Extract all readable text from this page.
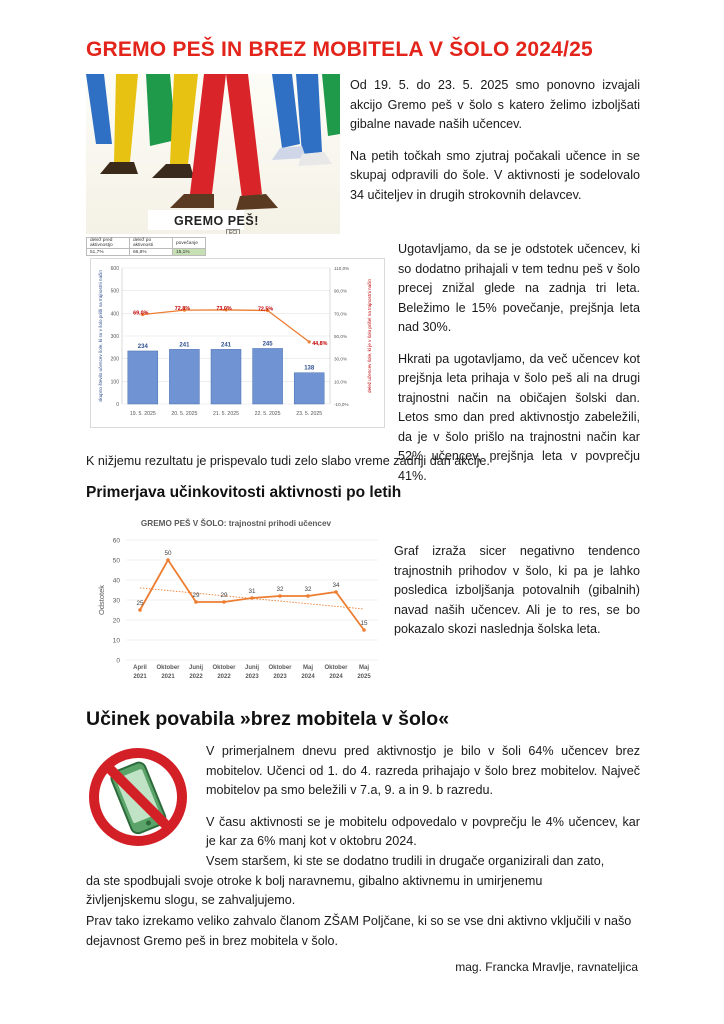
GREMO PEŠ IN BREZ MOBITELA V ŠOLO 2024/25
GREMO PEŠ!
ECI

Od 19. 5. do 23. 5. 2025 smo ponovno izvajali akcijo Gremo peš v šolo s katero želimo izboljšati gibalne navade naših učencev.

Na petih točkah smo zjutraj počakali učence in se skupaj odpravili do šole. V aktivnosti je sodelovalo 34 učiteljev in drugih strokovnih delavcev.

delež pred aktivnostjo	delež po aktivnosti	povečanje
51,7%	66,8%	15,1%
0
100
200
300
400
500
600
-10,0%
10,0%
30,0%
50,0%
70,0%
90,0%
110,0%
234
19. 5. 2025
241
20. 5. 2025
241
21. 5. 2025
245
22. 5. 2025
138
23. 5. 2025
69,0%
72,8%	73,0%	72,5%
44,8%
skupno število učencev šole, ki so v šolo prišli na trajnostni način	delež učencev šole, ki je v šolo prišel na trajnostni način

Ugotavljamo, da se je odstotek učencev, ki so dodatno prihajali v tem tednu peš v šolo precej znižal glede na zadnja tri leta. Beležimo le 15% povečanje, prejšnja leta nad 30%.

Hkrati pa ugotavljamo, da več učencev kot prejšnja leta prihaja v šolo peš ali na drugi trajnostni način na običajen šolski dan. Letos smo dan pred aktivnostjo zabeležili, da je v šolo prišlo na trajnostni način kar 52% učencev, prejšnja leta v povprečju 41%.

K nižjemu rezultatu je prispevalo tudi zelo slabo vreme zadnji dan akcije.

Primerjava učinkovitosti aktivnosti po letih
GREMO PEŠ V ŠOLO: trajnostni prihodi učencev
0
10
20
30
40
50
60
Odstotek	25
April
2021
50
Oktober
2021
29
Junij
2022
29
Oktober
2022
31
Junij
2023
32
Oktober
2023
32
Maj
2024
34
Oktober
2024
15
Maj
2025

Graf izraža sicer negativno tendenco trajnostnih prihodov v šolo, ki pa je lahko posledica izboljšanja potovalnih (gibalnih) navad naših učencev. Ali je to res, se bo pokazalo skozi naslednja šolska leta.

Učinek povabila »brez mobitela v šolo«

V primerjalnem dnevu pred aktivnostjo je bilo v šoli 64% učencev brez mobitelov. Učenci od 1. do 4. razreda prihajajo v šolo brez mobitelov. Največ mobitelov pa smo beležili v 7.a, 9. a in 9. b razredu.

V času aktivnosti se je mobitelu odpovedalo v povprečju le 4% učencev, kar je kar za 6% manj kot v oktobru 2024.

Vsem staršem, ki ste se dodatno trudili in drugače organizirali dan zato, da ste spodbujali svoje otroke k bolj naravnemu, gibalno aktivnemu in umirjenemu življenjskemu slogu, se zahvaljujemo.

Prav tako izrekamo veliko zahvalo članom ZŠAM Poljčane, ki so se vse dni aktivno vključili v našo dejavnost Gremo peš in brez mobitela v šolo.

mag. Francka Mravlje, ravnateljica
